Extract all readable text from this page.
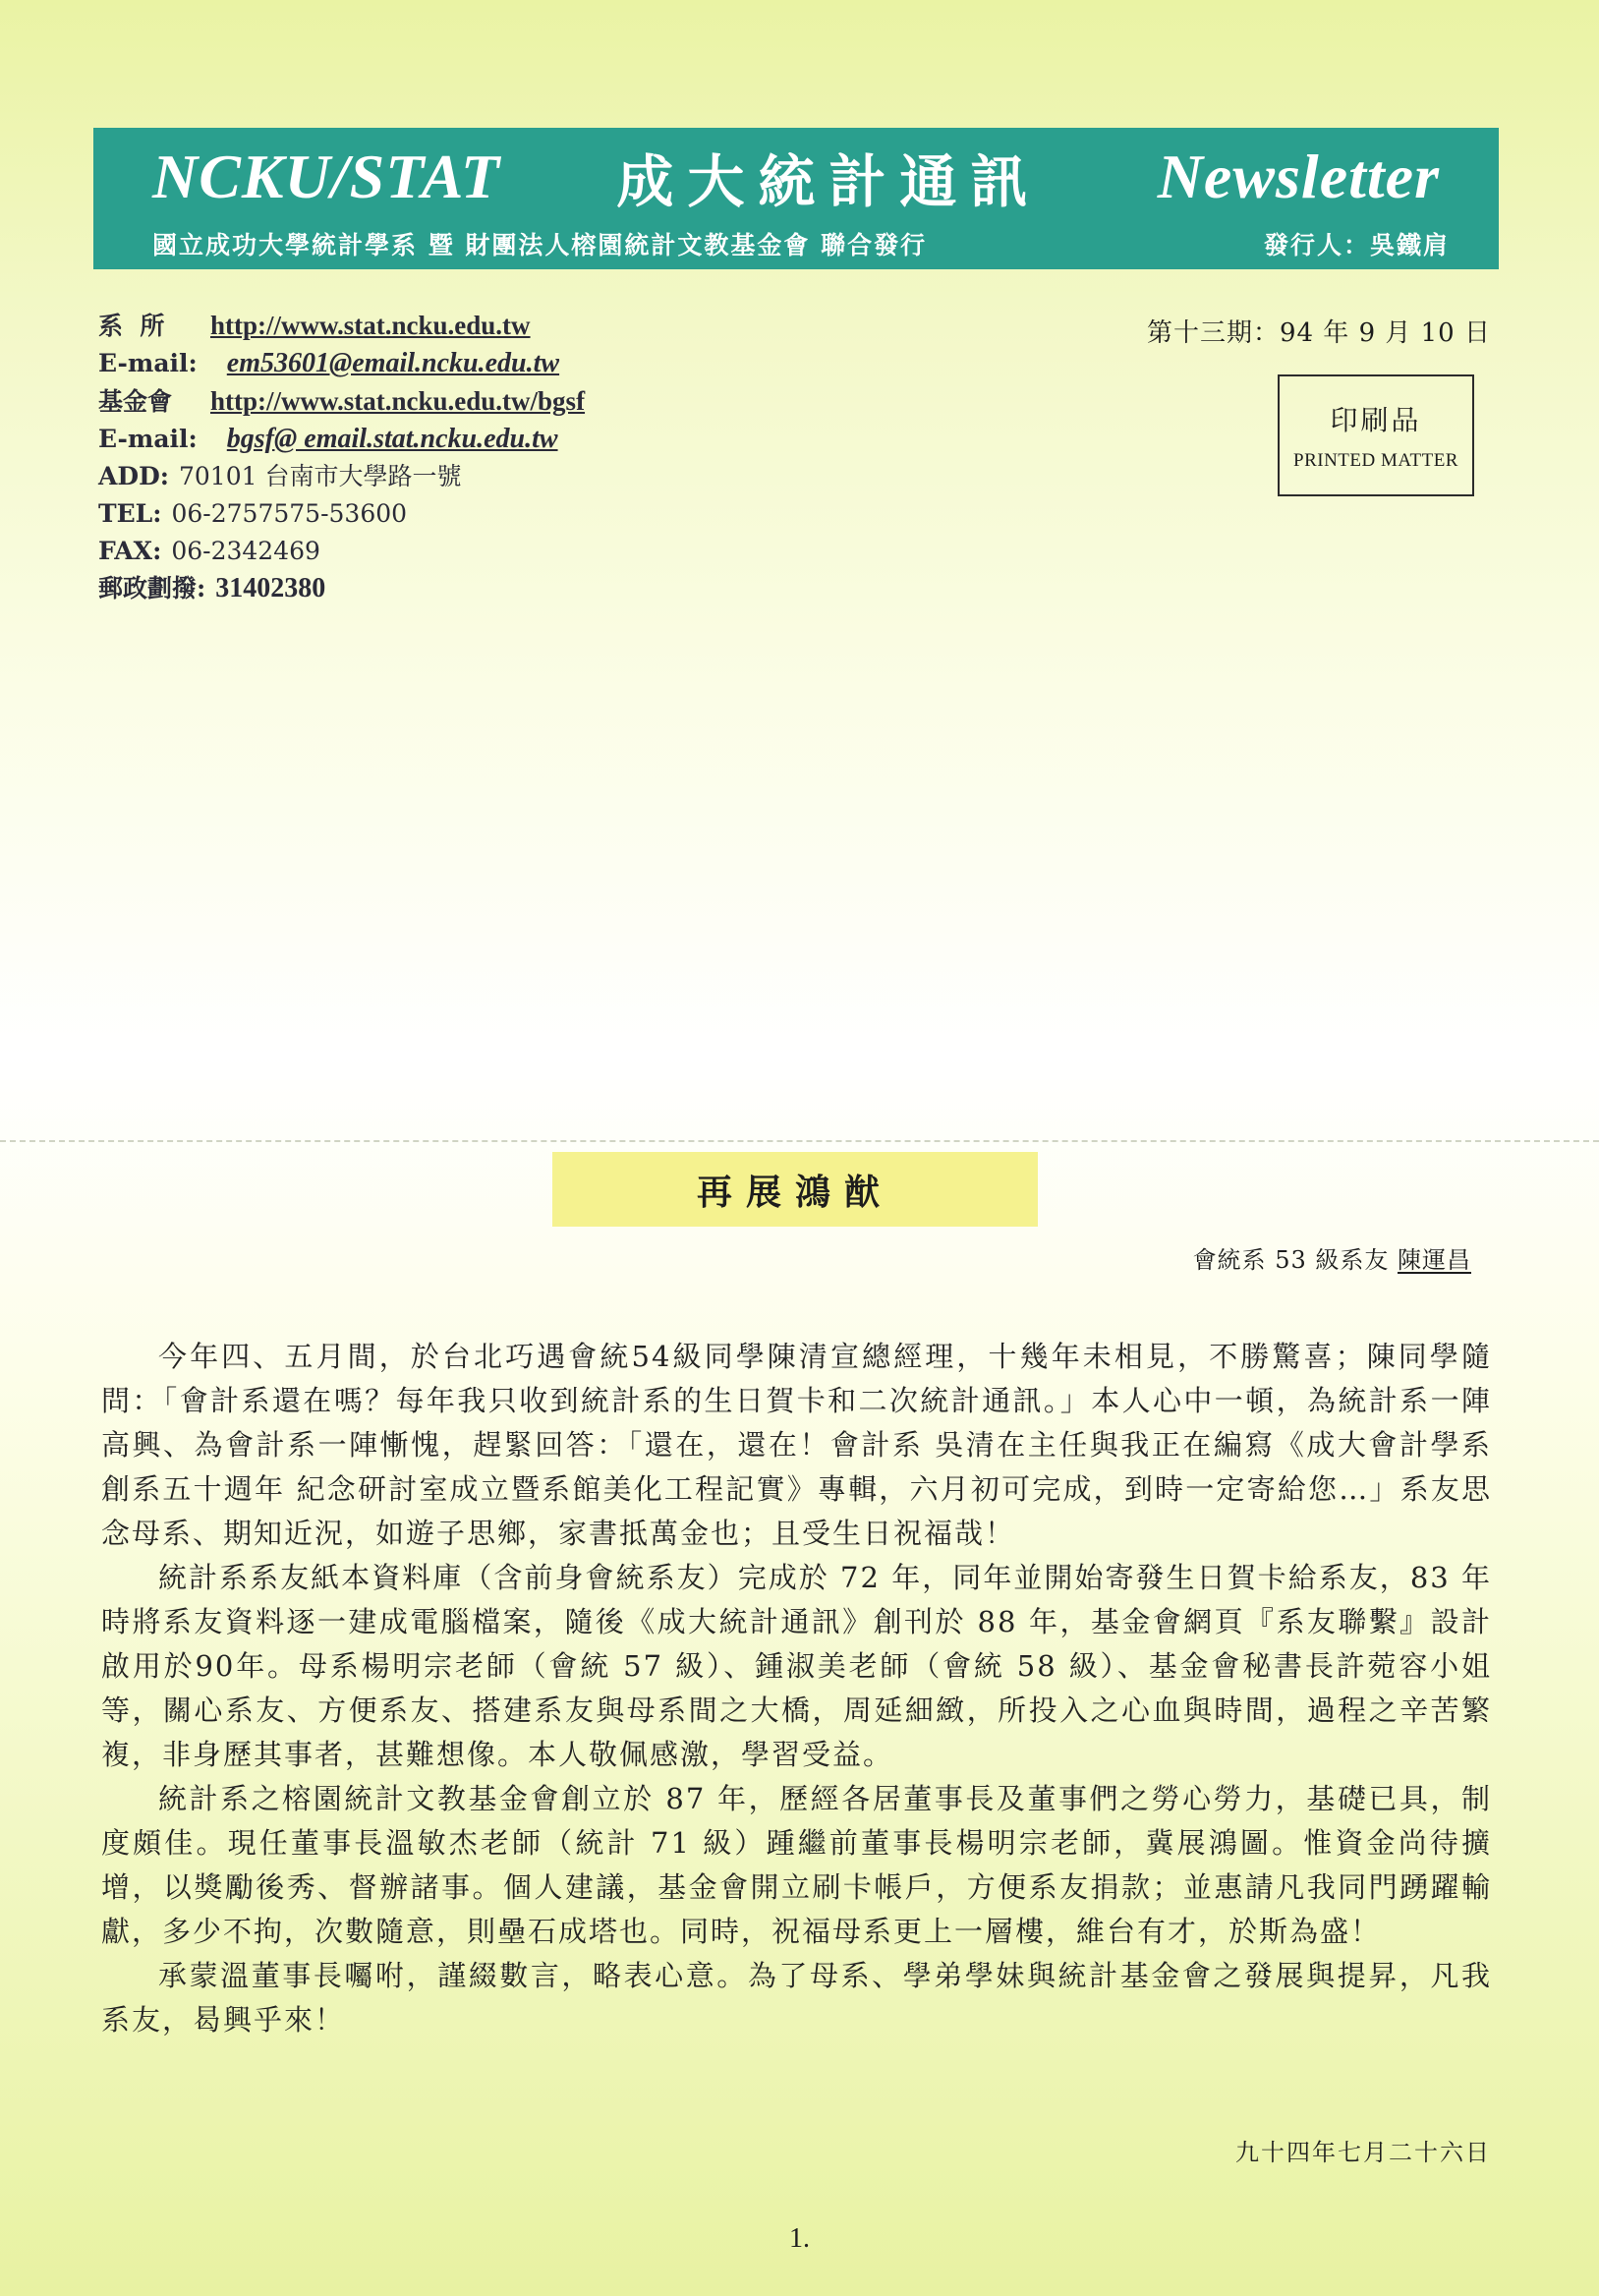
NCKU/STAT 成大統計通訊 Newsletter
國立成功大學統計學系 暨 財團法人榕園統計文教基金會 聯合發行	發行人：吳鐵肩
系  所	http://www.stat.ncku.edu.tw
E-mail: em53601@email.ncku.edu.tw
基金會	http://www.stat.ncku.edu.tw/bgsf
E-mail: bgsf@ email.stat.ncku.edu.tw
ADD: 70101 台南市大學路一號
TEL: 06-2757575-53600
FAX: 06-2342469
郵政劃撥: 31402380
第十三期：94 年 9 月 10 日
印刷品
PRINTED MATTER
再展鴻猷
會統系 53 級系友 陳運昌

今年四、五月間，於台北巧遇會統54級同學陳清宣總經理，十幾年未相見，不勝驚喜；陳同學隨問：「會計系還在嗎？每年我只收到統計系的生日賀卡和二次統計通訊。」本人心中一頓，為統計系一陣高興、為會計系一陣慚愧，趕緊回答：「還在，還在！會計系 吳清在主任與我正在編寫《成大會計學系創系五十週年 紀念研討室成立暨系館美化工程記實》專輯，六月初可完成，到時一定寄給您…」系友思念母系、期知近況，如遊子思鄉，家書抵萬金也；且受生日祝福哉！

統計系系友紙本資料庫（含前身會統系友）完成於 72 年，同年並開始寄發生日賀卡給系友，83 年時將系友資料逐一建成電腦檔案，隨後《成大統計通訊》創刊於 88 年，基金會網頁『系友聯繫』設計啟用於90年。母系楊明宗老師（會統 57 級）、鍾淑美老師（會統 58 級）、基金會秘書長許菀容小姐等，關心系友、方便系友、搭建系友與母系間之大橋，周延細緻，所投入之心血與時間，過程之辛苦繁複，非身歷其事者，甚難想像。本人敬佩感激，學習受益。

統計系之榕園統計文教基金會創立於 87 年，歷經各居董事長及董事們之勞心勞力，基礎已具，制度頗佳。現任董事長溫敏杰老師（統計 71 級）踵繼前董事長楊明宗老師，冀展鴻圖。惟資金尚待擴增，以獎勵後秀、督辦諸事。個人建議，基金會開立刷卡帳戶，方便系友捐款；並惠請凡我同門踴躍輸獻，多少不拘，次數隨意，則壘石成塔也。同時，祝福母系更上一層樓，維台有才，於斯為盛！

承蒙溫董事長囑咐，謹綴數言，略表心意。為了母系、學弟學妹與統計基金會之發展與提昇，凡我系友，曷興乎來！

九十四年七月二十六日
1.
